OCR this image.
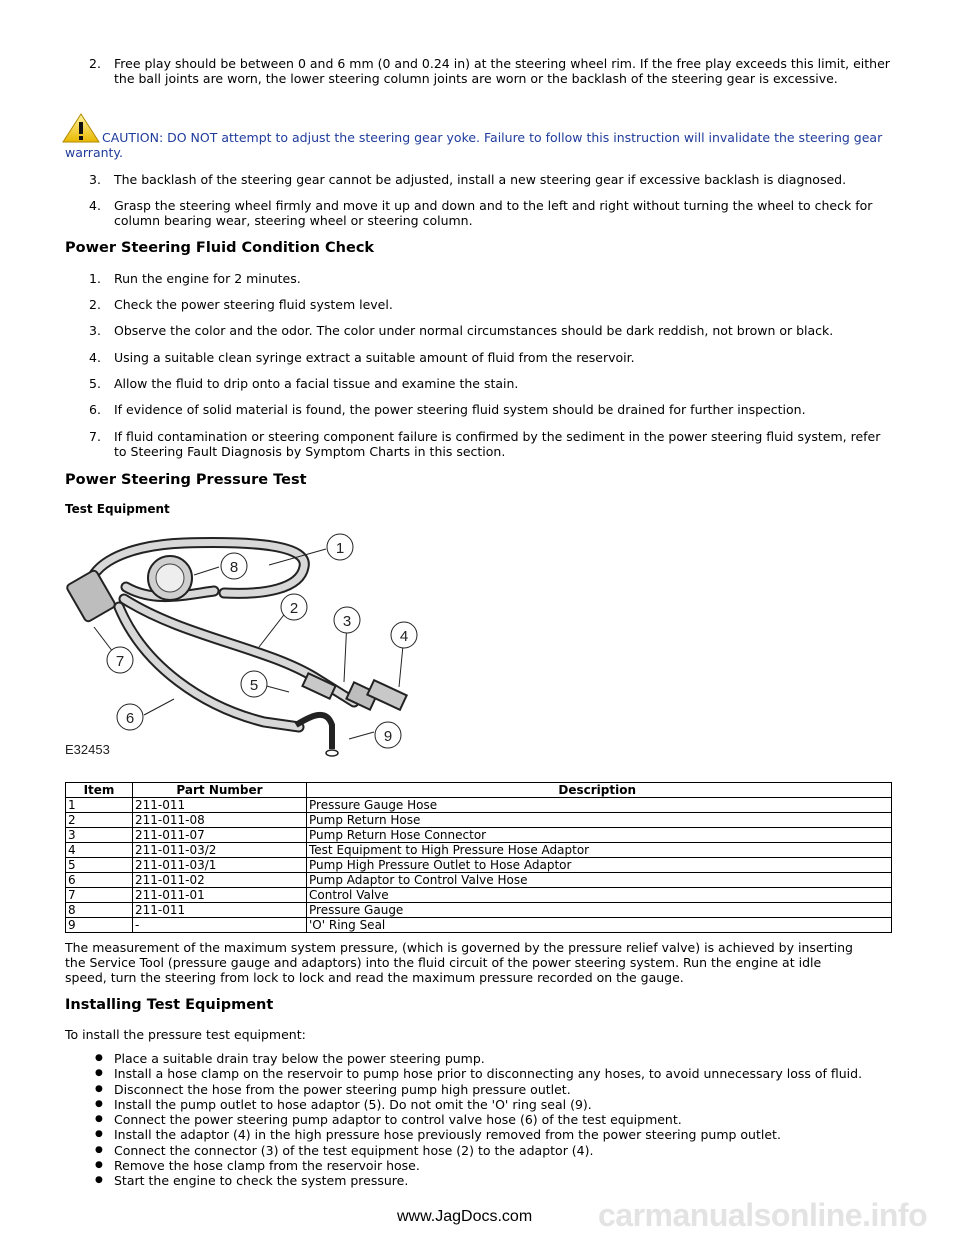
2. Free play should be between 0 and 6 mm (0 and 0.24 in) at the steering wheel rim. If the free play exceeds this limit, either the ball joints are worn, the lower steering column joints are worn or the backlash of the steering gear is excessive.
CAUTION: DO NOT attempt to adjust the steering gear yoke. Failure to follow this instruction will invalidate the steering gear warranty.
3. The backlash of the steering gear cannot be adjusted, install a new steering gear if excessive backlash is diagnosed.
4. Grasp the steering wheel firmly and move it up and down and to the left and right without turning the wheel to check for column bearing wear, steering wheel or steering column.
Power Steering Fluid Condition Check
1. Run the engine for 2 minutes.
2. Check the power steering fluid system level.
3. Observe the color and the odor. The color under normal circumstances should be dark reddish, not brown or black.
4. Using a suitable clean syringe extract a suitable amount of fluid from the reservoir.
5. Allow the fluid to drip onto a facial tissue and examine the stain.
6. If evidence of solid material is found, the power steering fluid system should be drained for further inspection.
7. If fluid contamination or steering component failure is confirmed by the sediment in the power steering fluid system, refer to Steering Fault Diagnosis by Symptom Charts in this section.
Power Steering Pressure Test
Test Equipment
1
2
3
4
5
6
7
8
9
E32453
Item	Part Number	Description
1	211-011	Pressure Gauge Hose
2	211-011-08	Pump Return Hose
3	211-011-07	Pump Return Hose Connector
4	211-011-03/2	Test Equipment to High Pressure Hose Adaptor
5	211-011-03/1	Pump High Pressure Outlet to Hose Adaptor
6	211-011-02	Pump Adaptor to Control Valve Hose
7	211-011-01	Control Valve
8	211-011	Pressure Gauge
9	-	'O' Ring Seal
The measurement of the maximum system pressure, (which is governed by the pressure relief valve) is achieved by inserting the Service Tool (pressure gauge and adaptors) into the fluid circuit of the power steering system. Run the engine at idle speed, turn the steering from lock to lock and read the maximum pressure recorded on the gauge.
Installing Test Equipment
To install the pressure test equipment:
● Place a suitable drain tray below the power steering pump.
● Install a hose clamp on the reservoir to pump hose prior to disconnecting any hoses, to avoid unnecessary loss of fluid.
● Disconnect the hose from the power steering pump high pressure outlet.
● Install the pump outlet to hose adaptor (5). Do not omit the 'O' ring seal (9).
● Connect the power steering pump adaptor to control valve hose (6) of the test equipment.
● Install the adaptor (4) in the high pressure hose previously removed from the power steering pump outlet.
● Connect the connector (3) of the test equipment hose (2) to the adaptor (4).
● Remove the hose clamp from the reservoir hose.
● Start the engine to check the system pressure.
www.JagDocs.com carmanualsonline.info
